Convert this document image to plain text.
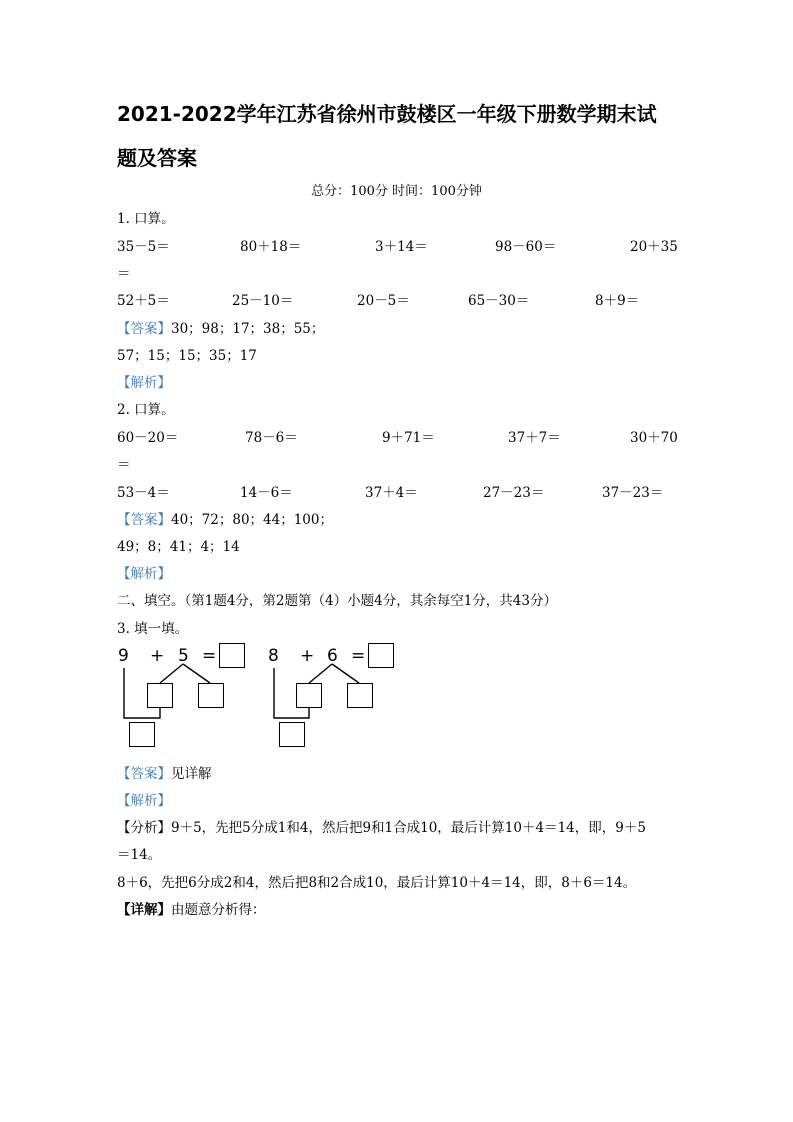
2021-2022学年江苏省徐州市鼓楼区一年级下册数学期末试
题及答案
总分：100分 时间：100分钟
1. 口算。
35－5＝	80＋18＝	3＋14＝	98－60＝	20＋35
＝
52＋5＝	25－10＝	20－5＝	65－30＝	8＋9＝
【答案】30；98；17；38；55；
57；15；15；35；17
【解析】
2. 口算。
60－20＝	78－6＝	9＋71＝	37＋7＝	30＋70
＝
53－4＝	14－6＝	37＋4＝	27－23＝	37－23＝
【答案】40；72；80；44；100；
49；8；41；4；14
【解析】
二、填空。（第1题4分，第2题第（4）小题4分，其余每空1分，共43分）
3. 填一填。
9 + 5 =	8 + 6 =
【答案】见详解
【解析】
【分析】9＋5，先把5分成1和4，然后把9和1合成10，最后计算10＋4＝14，即，9＋5
＝14。
8＋6，先把6分成2和4，然后把8和2合成10，最后计算10＋4＝14，即，8＋6＝14。
【详解】由题意分析得：
